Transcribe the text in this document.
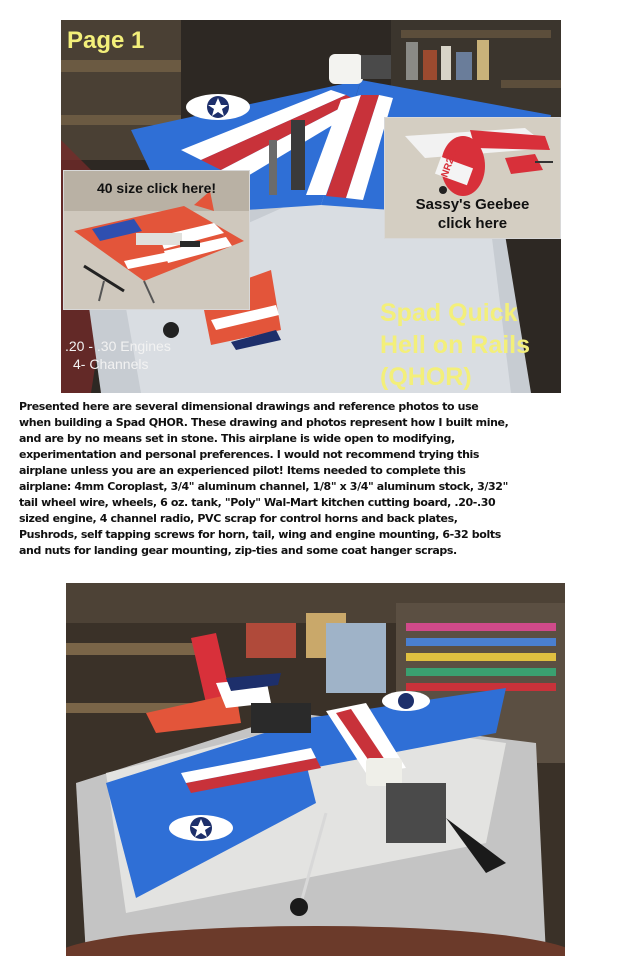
Page 1
40 size click here!
NR2100
Sassy's Geebee
click here
.20 - .30 Engines
4- Channels
Spad Quick
Hell on Rails
(QHOR)

Presented here are several dimensional drawings and reference photos to use
when building a Spad QHOR. These drawing and photos represent how I built mine,
and are by no means set in stone. This airplane is wide open to modifying,
experimentation and personal preferences. I would not recommend trying this
airplane unless you are an experienced pilot! Items needed to complete this
airplane: 4mm Coroplast, 3/4" aluminum channel, 1/8" x 3/4" aluminum stock, 3/32"
tail wheel wire, wheels, 6 oz. tank, "Poly" Wal-Mart kitchen cutting board, .20-.30
sized engine, 4 channel radio, PVC scrap for control horns and back plates,
Pushrods, self tapping screws for horn, tail, wing and engine mounting, 6-32 bolts
and nuts for landing gear mounting, zip-ties and some coat hanger scraps.
